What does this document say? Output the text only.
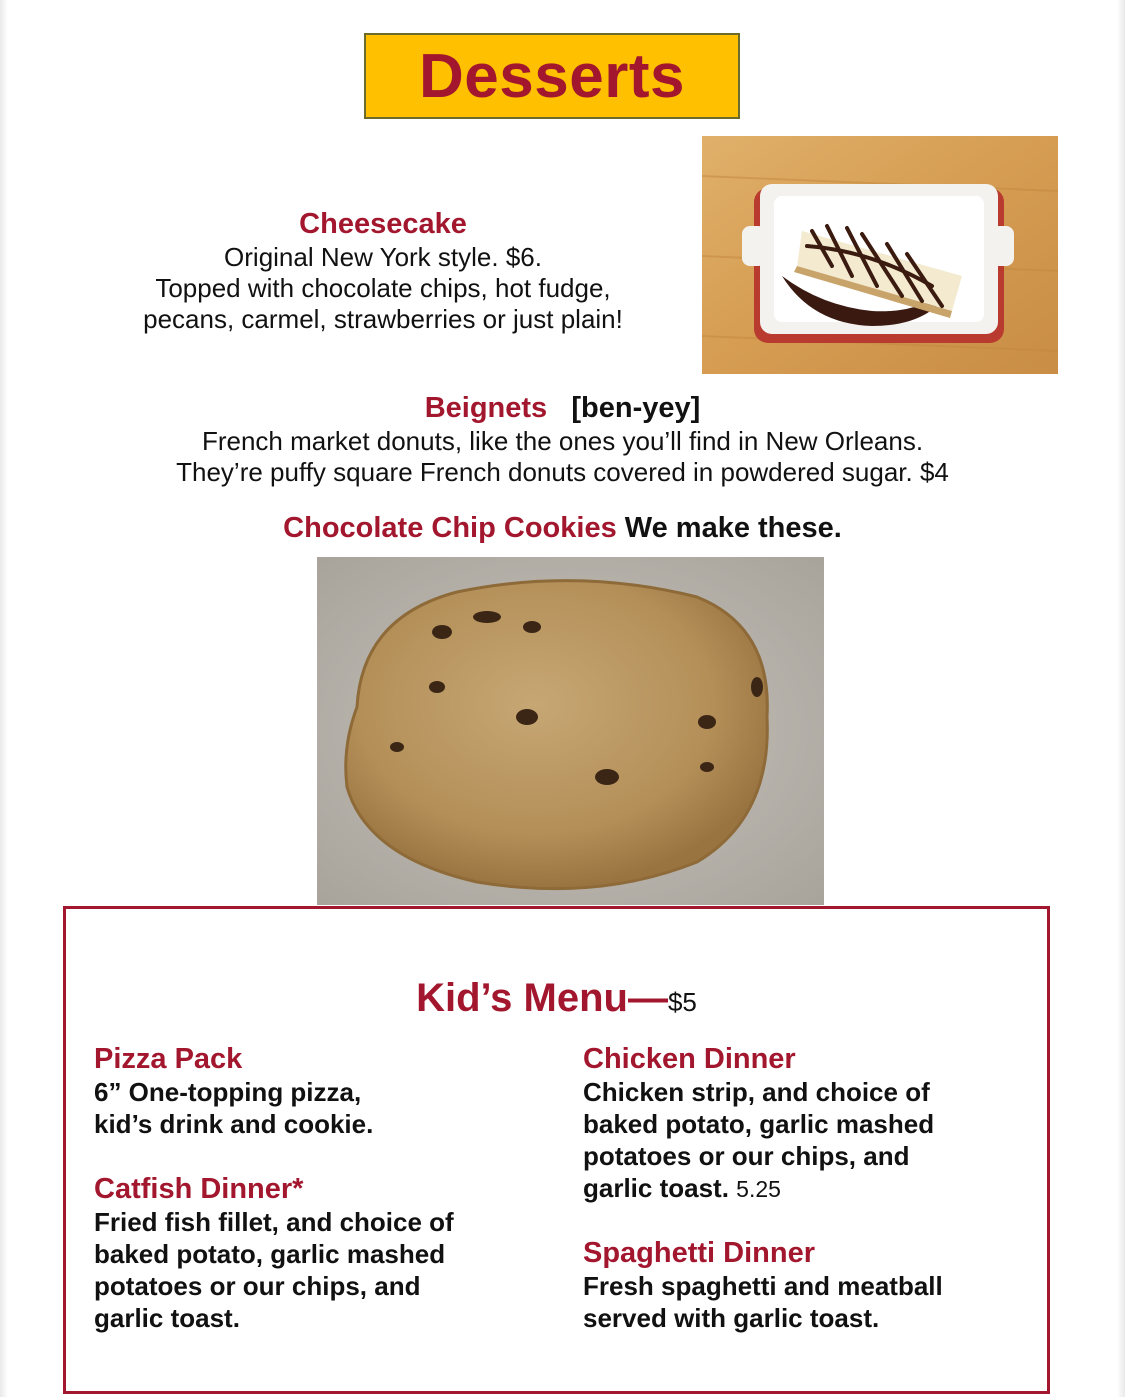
Desserts
Cheesecake
Original New York style. $6.
Topped with chocolate chips, hot fudge,
pecans, carmel, strawberries or just plain!
Beignets [ben-yey]
French market donuts, like the ones you’ll find in New Orleans.
They’re puffy square French donuts covered in powdered sugar. $4
Chocolate Chip Cookies We make these.
Kid’s Menu—$5
Pizza Pack
6” One-topping pizza,
kid’s drink and cookie.
Catfish Dinner*
Fried fish fillet, and choice of
baked potato, garlic mashed
potatoes or our chips, and
garlic toast.
Chicken Dinner
Chicken strip, and choice of
baked potato, garlic mashed
potatoes or our chips, and
garlic toast. 5.25
Spaghetti Dinner
Fresh spaghetti and meatball
served with garlic toast.
